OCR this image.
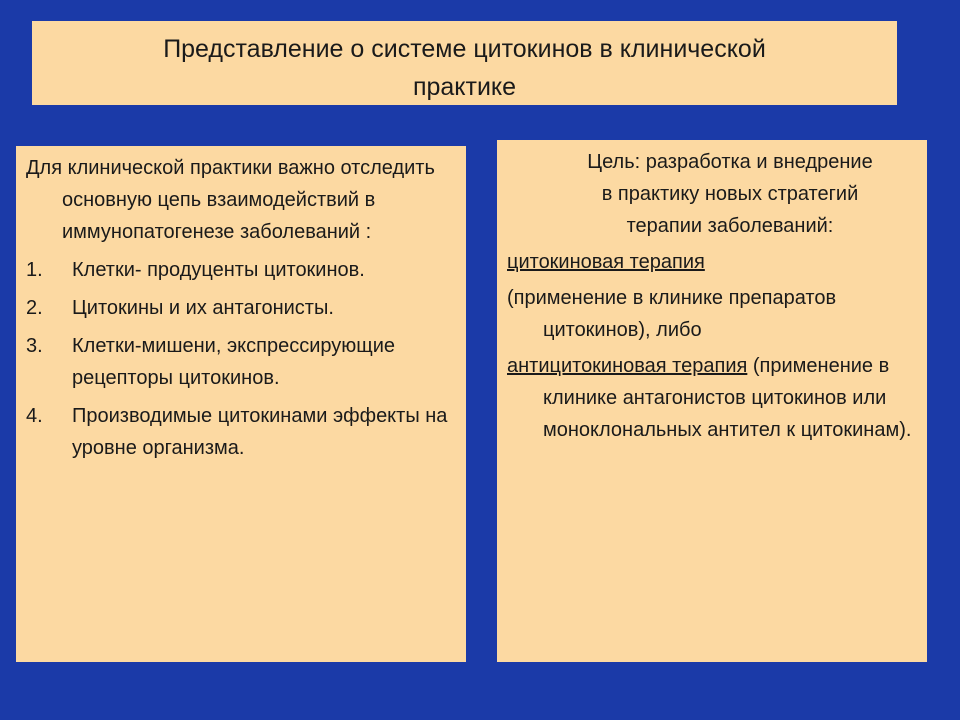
Представление о системе цитокинов в клинической
практике
Для клинической практики важно отследить основную цепь взаимодействий в иммунопатогенезе заболеваний :
1.	Клетки- продуценты цитокинов.
2.	Цитокины и их антагонисты.
3.	Клетки-мишени, экспрессирующие рецепторы цитокинов.
4.	Производимые цитокинами эффекты на уровне организма.
Цель: разработка и внедрение
в практику новых стратегий
терапии заболеваний:
цитокиновая терапия
(применение в клинике препаратов цитокинов), либо
антицитокиновая терапия (применение в клинике антагонистов цитокинов или моноклональных антител к цитокинам).
